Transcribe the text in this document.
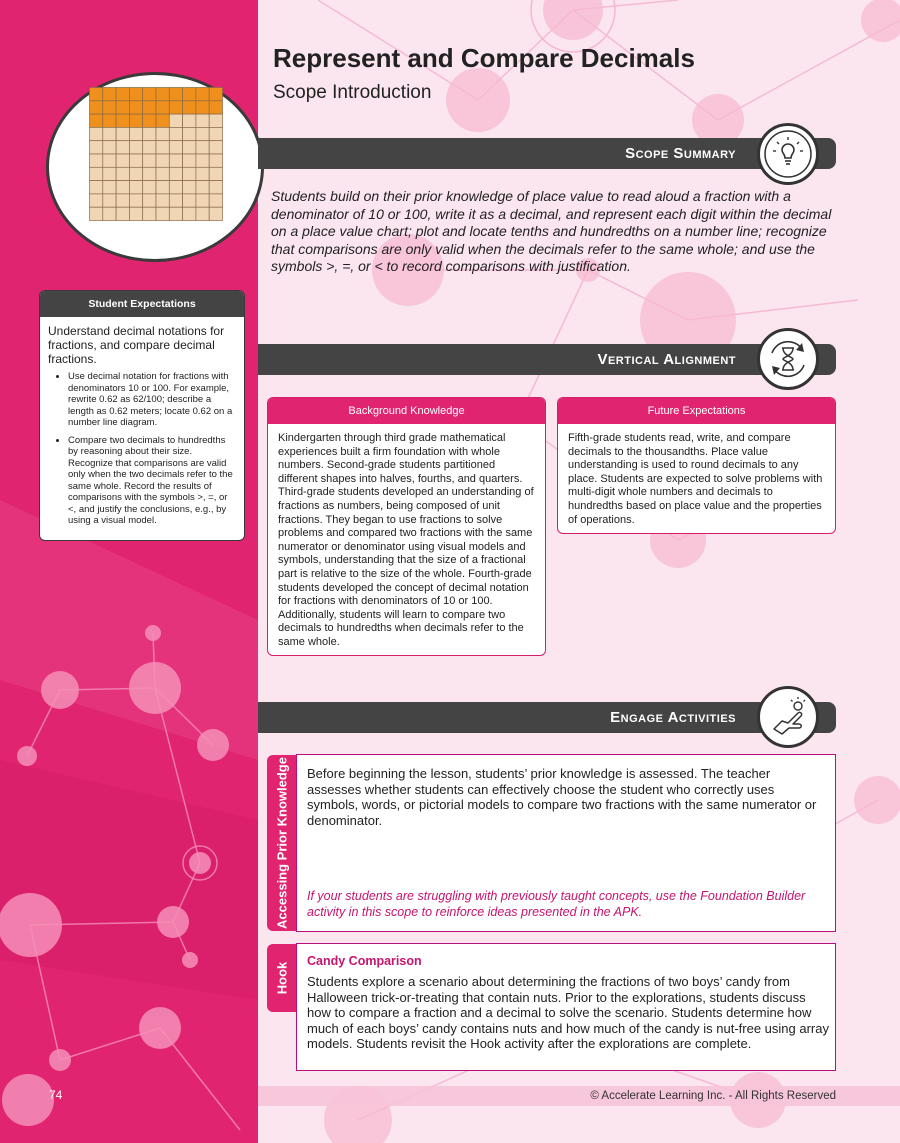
Represent and Compare Decimals
Scope Introduction
Scope Summary
Students build on their prior knowledge of place value to read aloud a fraction with a denominator of 10 or 100, write it as a decimal, and represent each digit within the decimal on a place value chart; plot and locate tenths and hundredths on a number line; recognize that comparisons are only valid when the decimals refer to the same whole; and use the symbols >, =, or < to record comparisons with justification.
Student Expectations
Understand decimal notations for fractions, and compare decimal fractions.
• Use decimal notation for fractions with denominators 10 or 100. For example, rewrite 0.62 as 62/100; describe a length as 0.62 meters; locate 0.62 on a number line diagram.
• Compare two decimals to hundredths by reasoning about their size. Recognize that comparisons are valid only when the two decimals refer to the same whole. Record the results of comparisons with the symbols >, =, or <, and justify the conclusions, e.g., by using a visual model.
Vertical Alignment
Background Knowledge
Kindergarten through third grade mathematical experiences built a firm foundation with whole numbers. Second-grade students partitioned different shapes into halves, fourths, and quarters. Third-grade students developed an understanding of fractions as numbers, being composed of unit fractions. They began to use fractions to solve problems and compared two fractions with the same numerator or denominator using visual models and symbols, understanding that the size of a fractional part is relative to the size of the whole. Fourth-grade students developed the concept of decimal notation for fractions with denominators of 10 or 100. Additionally, students will learn to compare two decimals to hundredths when decimals refer to the same whole.
Future Expectations
Fifth-grade students read, write, and compare decimals to the thousandths. Place value understanding is used to round decimals to any place. Students are expected to solve problems with multi-digit whole numbers and decimals to hundredths based on place value and the properties of operations.
Engage Activities
Accessing Prior Knowledge Before beginning the lesson, students’ prior knowledge is assessed. The teacher assesses whether students can effectively choose the student who correctly uses symbols, words, or pictorial models to compare two fractions with the same numerator or denominator.
If your students are struggling with previously taught concepts, use the Foundation Builder activity in this scope to reinforce ideas presented in the APK.
Hook
Candy Comparison
Students explore a scenario about determining the fractions of two boys’ candy from Halloween trick-or-treating that contain nuts. Prior to the explorations, students discuss how to compare a fraction and a decimal to solve the scenario. Students determine how much of each boys’ candy contains nuts and how much of the candy is nut-free using array models. Students revisit the Hook activity after the explorations are complete.
74	© Accelerate Learning Inc. - All Rights Reserved
